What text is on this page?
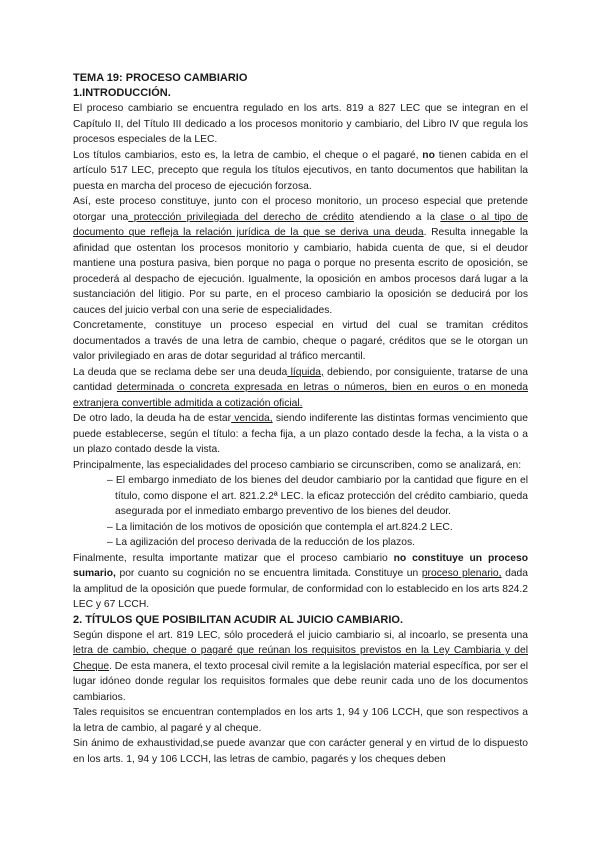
TEMA 19: PROCESO CAMBIARIO
1.INTRODUCCIÓN.

El proceso cambiario se encuentra regulado en los arts. 819 a 827 LEC que se integran en el Capítulo II, del Título III dedicado a los procesos monitorio y cambiario, del Libro IV que regula los procesos especiales de la LEC.

Los títulos cambiarios, esto es, la letra de cambio, el cheque o el pagaré, no tienen cabida en el artículo 517 LEC, precepto que regula los títulos ejecutivos, en tanto documentos que habilitan la puesta en marcha del proceso de ejecución forzosa.

Así, este proceso constituye, junto con el proceso monitorio, un proceso especial que pretende otorgar una protección privilegiada del derecho de crédito atendiendo a la clase o al tipo de documento que refleja la relación jurídica de la que se deriva una deuda. Resulta innegable la afinidad que ostentan los procesos monitorio y cambiario, habida cuenta de que, si el deudor mantiene una postura pasiva, bien porque no paga o porque no presenta escrito de oposición, se procederá al despacho de ejecución. Igualmente, la oposición en ambos procesos dará lugar a la sustanciación del litigio. Por su parte, en el proceso cambiario la oposición se deducirá por los cauces del juicio verbal con una serie de especialidades.

Concretamente, constituye un proceso especial en virtud del cual se tramitan créditos documentados a través de una letra de cambio, cheque o pagaré, créditos que se le otorgan un valor privilegiado en aras de dotar seguridad al tráfico mercantil.

La deuda que se reclama debe ser una deuda líquida, debiendo, por consiguiente, tratarse de una cantidad determinada o concreta expresada en letras o números, bien en euros o en moneda extranjera convertible admitida a cotización oficial.

De otro lado, la deuda ha de estar vencida, siendo indiferente las distintas formas vencimiento que puede establecerse, según el título: a fecha fija, a un plazo contado desde la fecha, a la vista o a un plazo contado desde la vista.

Principalmente, las especialidades del proceso cambiario se circunscriben, como se analizará, en:

– El embargo inmediato de los bienes del deudor cambiario por la cantidad que figure en el título, como dispone el art. 821.2.2ª LEC. la eficaz protección del crédito cambiario, queda asegurada por el inmediato embargo preventivo de los bienes del deudor.

– La limitación de los motivos de oposición que contempla el art.824.2 LEC.

– La agilización del proceso derivada de la reducción de los plazos.

Finalmente, resulta importante matizar que el proceso cambiario no constituye un proceso sumario, por cuanto su cognición no se encuentra limitada. Constituye un proceso plenario, dada la amplitud de la oposición que puede formular, de conformidad con lo establecido en los arts 824.2 LEC y 67 LCCH.

2. TÍTULOS QUE POSIBILITAN ACUDIR AL JUICIO CAMBIARIO.

Según dispone el art. 819 LEC, sólo procederá el juicio cambiario si, al incoarlo, se presenta una letra de cambio, cheque o pagaré que reúnan los requisitos previstos en la Ley Cambiaria y del Cheque. De esta manera, el texto procesal civil remite a la legislación material específica, por ser el lugar idóneo donde regular los requisitos formales que debe reunir cada uno de los documentos cambiarios.

Tales requisitos se encuentran contemplados en los arts 1, 94 y 106 LCCH, que son respectivos a la letra de cambio, al pagaré y al cheque.

Sin ánimo de exhaustividad,se puede avanzar que con carácter general y en virtud de lo dispuesto en los arts. 1, 94 y 106 LCCH, las letras de cambio, pagarés y los cheques deben
